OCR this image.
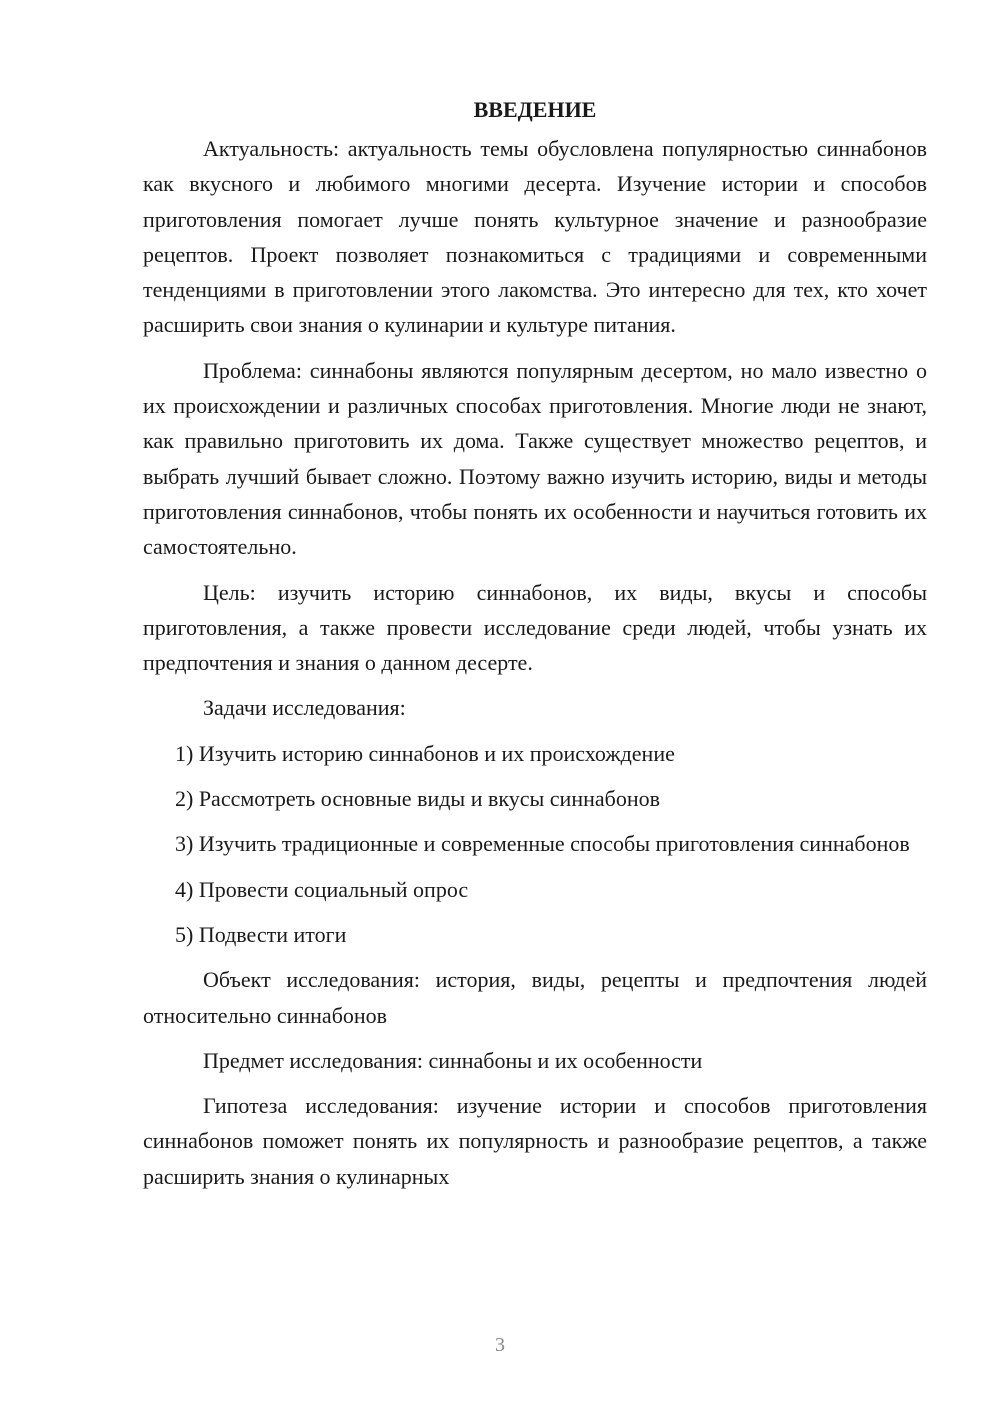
ВВЕДЕНИЕ

Актуальность: актуальность темы обусловлена популярностью синнабонов как вкусного и любимого многими десерта. Изучение истории и способов приготовления помогает лучше понять культурное значение и разнообразие рецептов. Проект позволяет познакомиться с традициями и современными тенденциями в приготовлении этого лакомства. Это интересно для тех, кто хочет расширить свои знания о кулинарии и культуре питания.

Проблема: синнабоны являются популярным десертом, но мало известно о их происхождении и различных способах приготовления. Многие люди не знают, как правильно приготовить их дома. Также существует множество рецептов, и выбрать лучший бывает сложно. Поэтому важно изучить историю, виды и методы приготовления синнабонов, чтобы понять их особенности и научиться готовить их самостоятельно.

Цель: изучить историю синнабонов, их виды, вкусы и способы приготовления, а также провести исследование среди людей, чтобы узнать их предпочтения и знания о данном десерте.

Задачи исследования:

1) Изучить историю синнабонов и их происхождение

2) Рассмотреть основные виды и вкусы синнабонов

3) Изучить традиционные и современные способы приготовления синнабонов

4) Провести социальный опрос

5) Подвести итоги

Объект исследования: история, виды, рецепты и предпочтения людей относительно синнабонов

Предмет исследования: синнабоны и их особенности

Гипотеза исследования: изучение истории и способов приготовления синнабонов поможет понять их популярность и разнообразие рецептов, а также расширить знания о кулинарных

3
